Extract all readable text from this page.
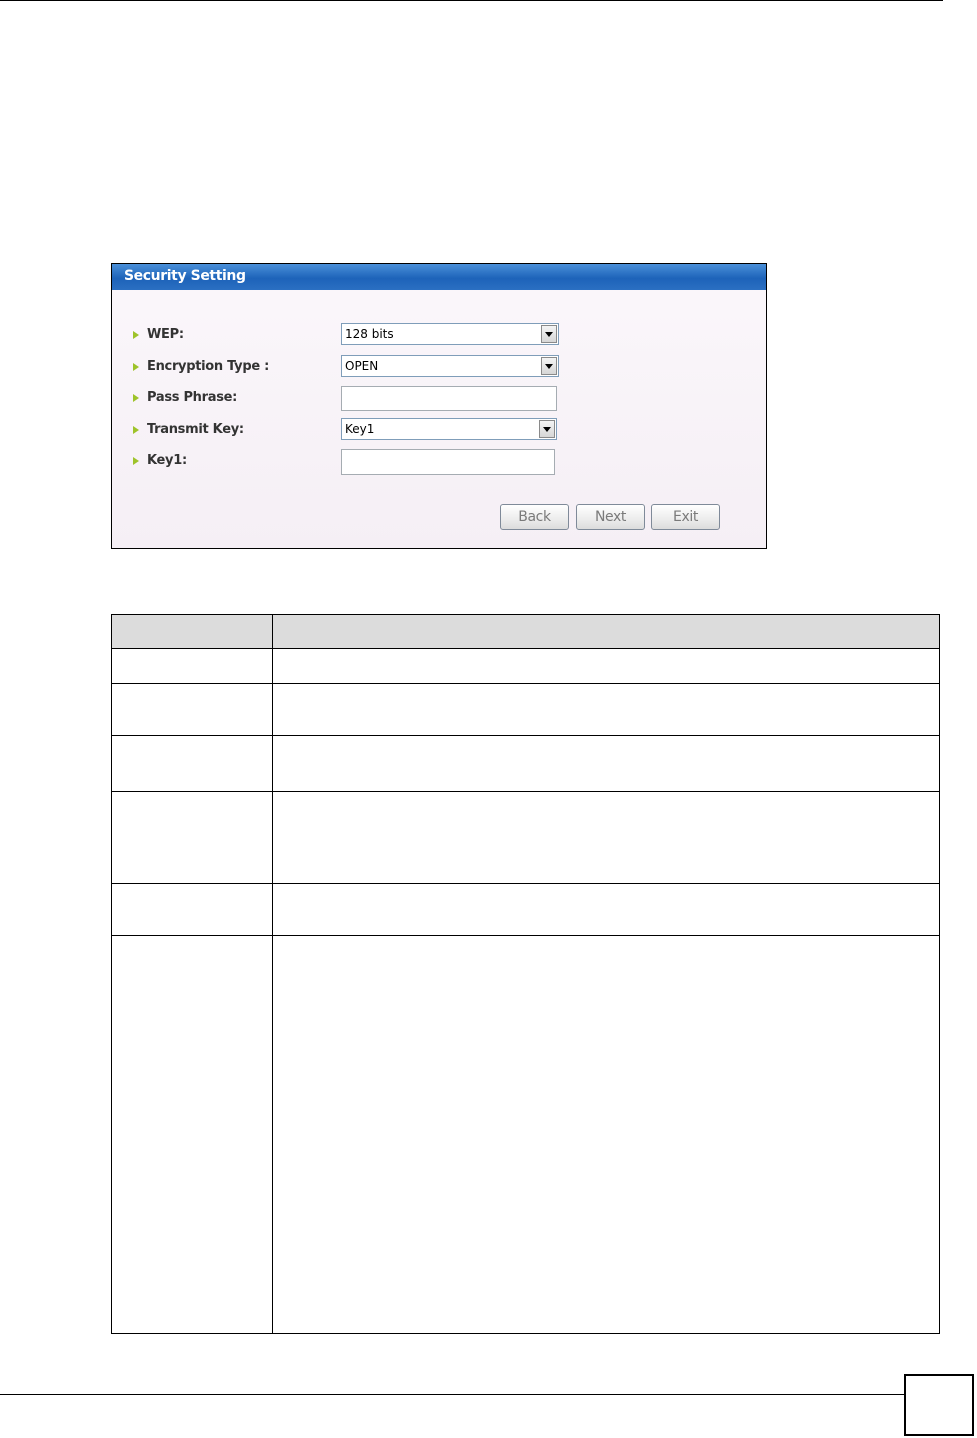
Security Setting
WEP:	128 bits
Encryption Type :	OPEN
Pass Phrase:
Transmit Key:	Key1
Key1:
Back	Next	Exit
